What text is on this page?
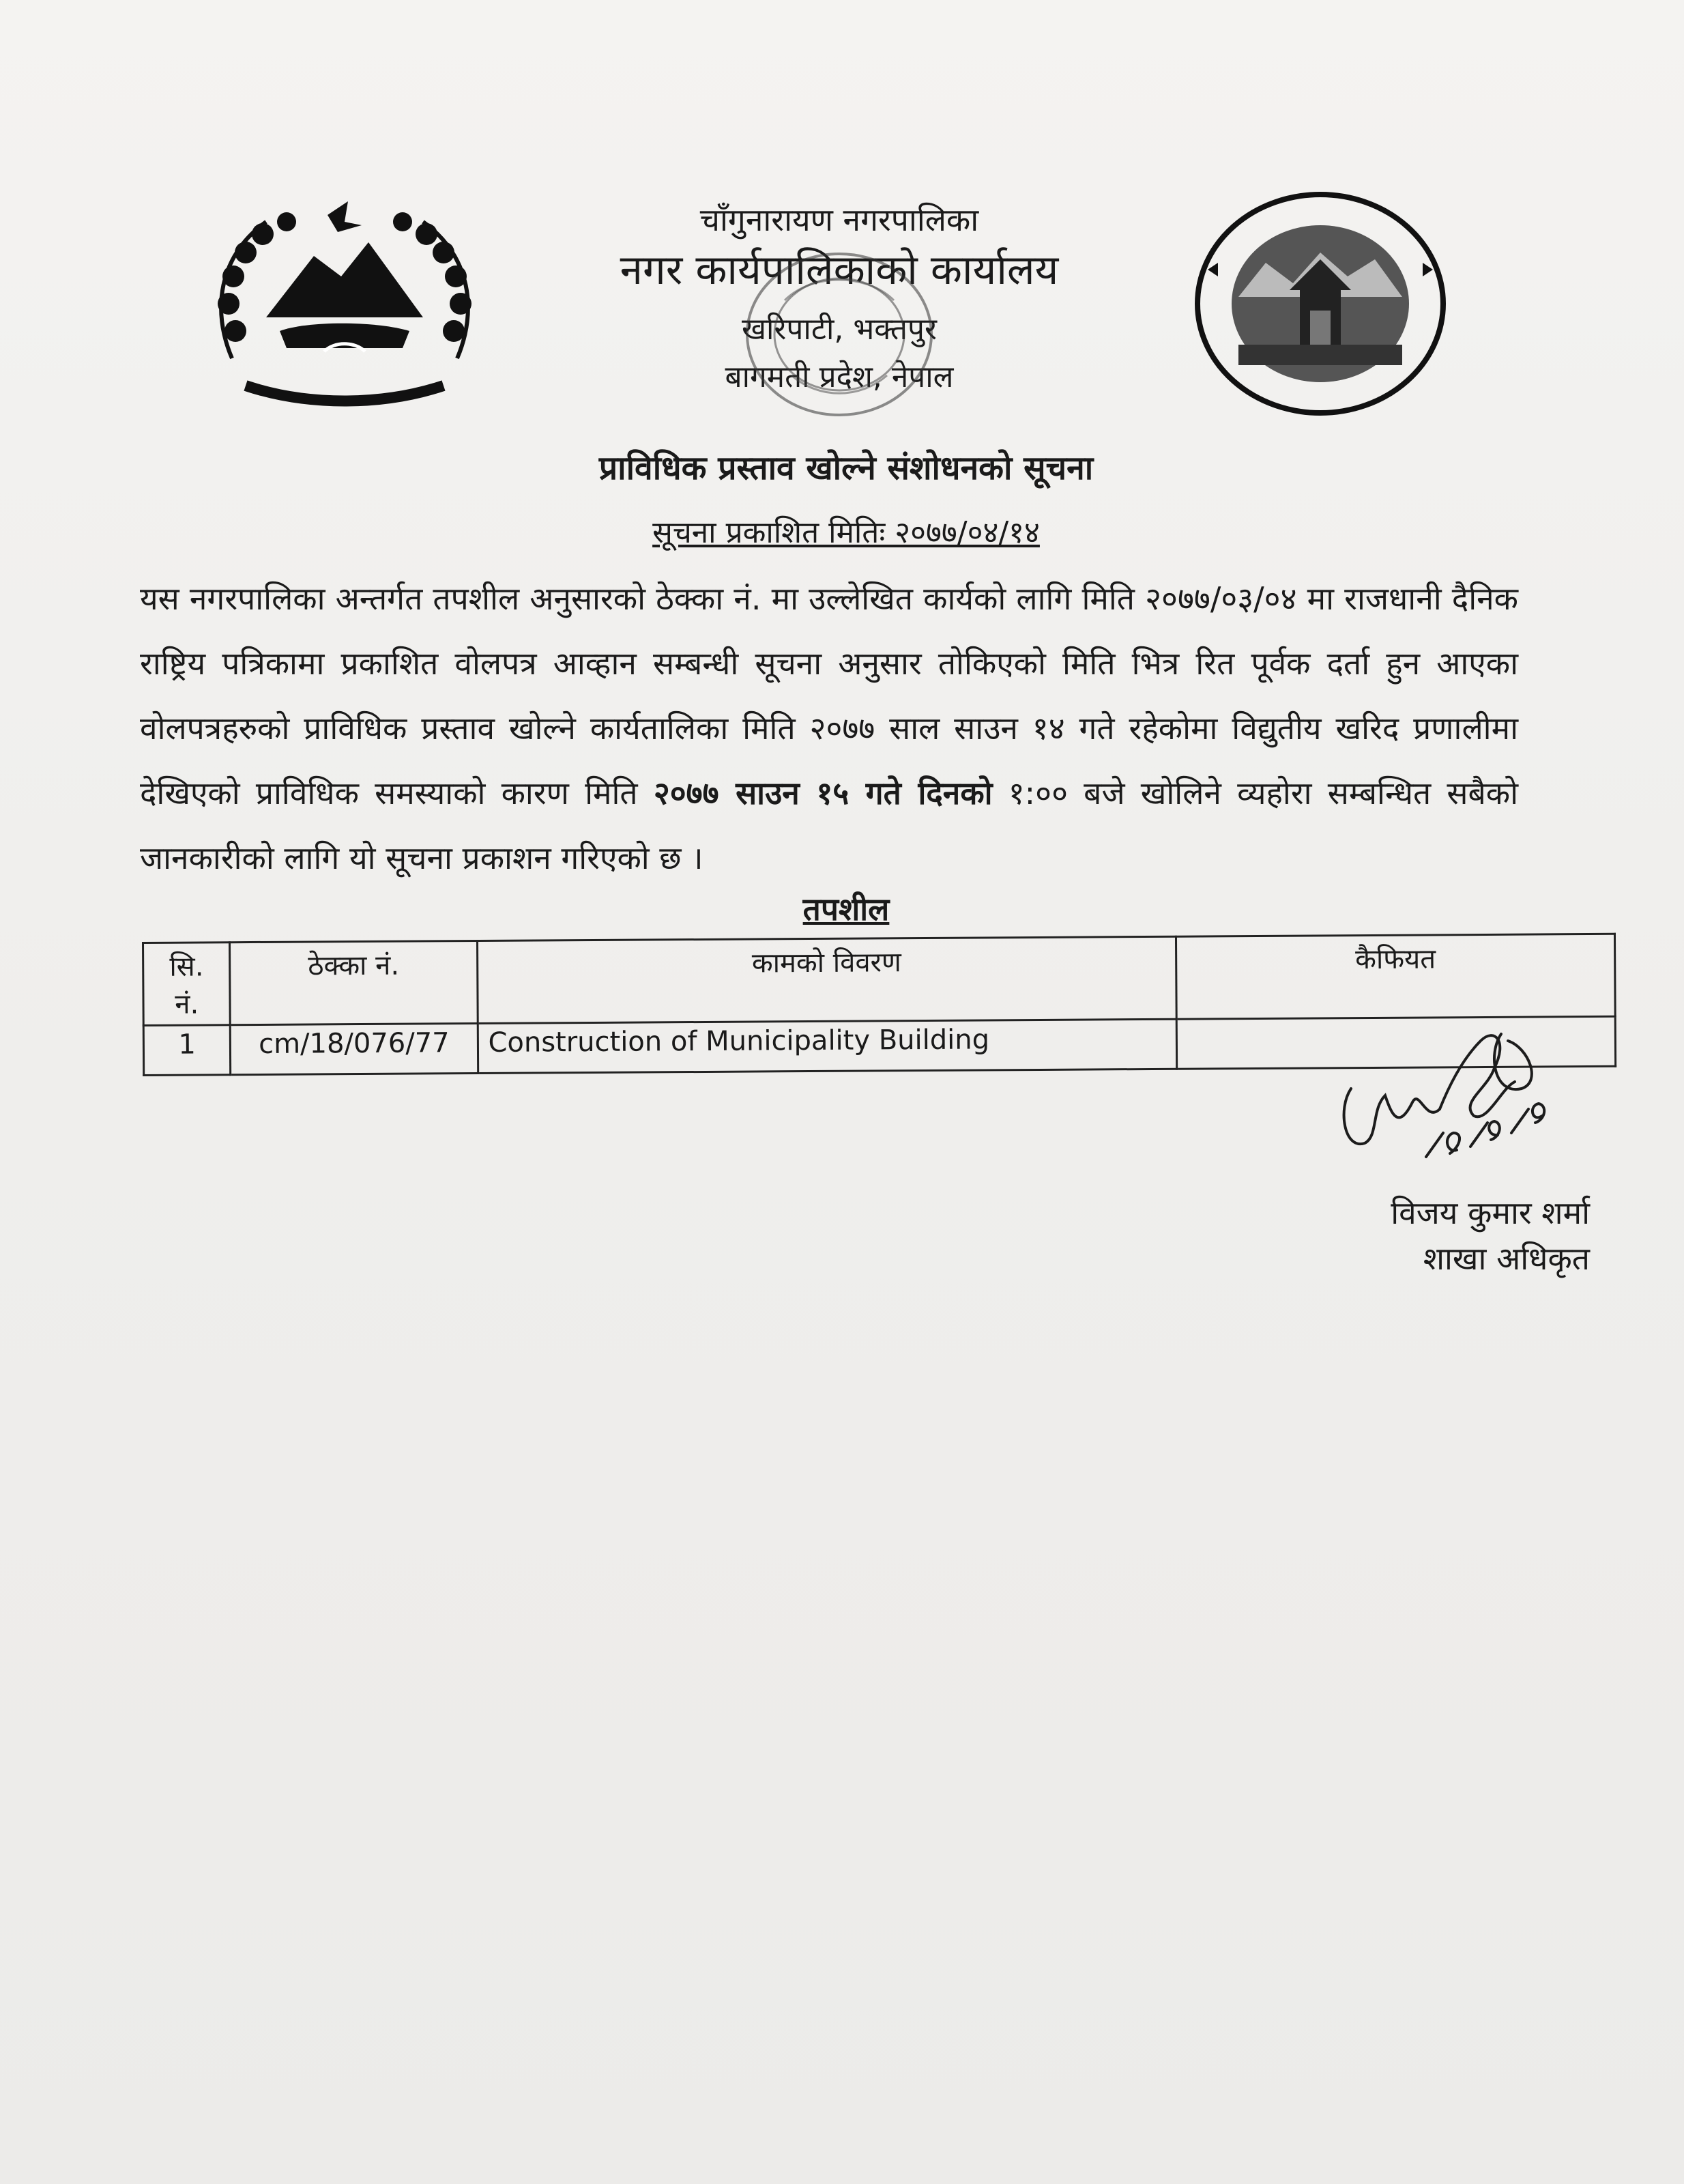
चाँगुनारायण नगरपालिका
नगर कार्यपालिकाको कार्यालय
खरिपाटी, भक्तपुर
बागमती प्रदेश, नेपाल
प्राविधिक प्रस्ताव खोल्ने संशोधनको सूचना
सूचना प्रकाशित मितिः २०७७/०४/१४
यस नगरपालिका अन्तर्गत तपशील अनुसारको ठेक्का नं. मा उल्लेखित कार्यको लागि मिति २०७७/०३/०४ मा राजधानी दैनिक राष्ट्रिय पत्रिकामा प्रकाशित वोलपत्र आव्हान सम्बन्धी सूचना अनुसार तोकिएको मिति भित्र रित पूर्वक दर्ता हुन आएका वोलपत्रहरुको प्राविधिक प्रस्ताव खोल्ने कार्यतालिका मिति २०७७ साल साउन १४ गते रहेकोमा विद्युतीय खरिद प्रणालीमा देखिएको प्राविधिक समस्याको कारण मिति २०७७ साउन १५ गते दिनको १:०० बजे खोलिने व्यहोरा सम्बन्धित सबैको जानकारीको लागि यो सूचना प्रकाशन गरिएको छ ।
तपशील
सि. नं.	ठेक्का नं.	कामको विवरण	कैफियत
1	cm/18/076/77	Construction of Municipality Building	
विजय कुमार शर्मा
शाखा अधिकृत
